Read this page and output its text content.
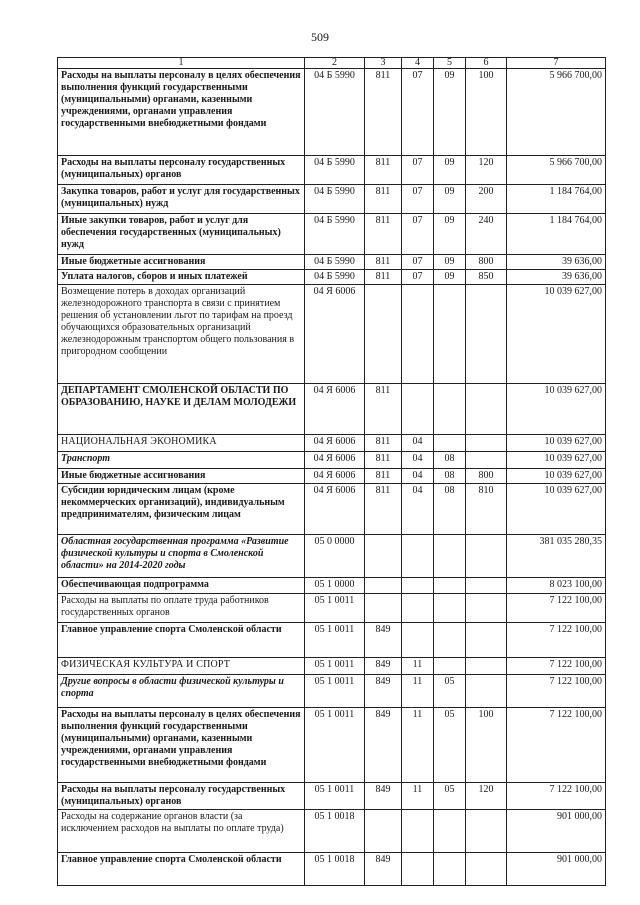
509
1	2	3	4	5	6	7
Расходы на выплаты персоналу в целях обеспечения выполнения функций государственными (муниципальными) органами, казенными учреждениями, органами управления государственными внебюджетными фондами	04 Б 5990	811	07	09	100	5 966 700,00
Расходы на выплаты персоналу государственных (муниципальных) органов	04 Б 5990	811	07	09	120	5 966 700,00
Закупка товаров, работ и услуг для государственных (муниципальных) нужд	04 Б 5990	811	07	09	200	1 184 764,00
Иные закупки товаров, работ и услуг для обеспечения государственных (муниципальных) нужд	04 Б 5990	811	07	09	240	1 184 764,00
Иные бюджетные ассигнования	04 Б 5990	811	07	09	800	39 636,00
Уплата налогов, сборов и иных платежей	04 Б 5990	811	07	09	850	39 636,00
Возмещение потерь в доходах организаций железнодорожного транспорта в связи с принятием решения об установлении льгот по тарифам на проезд обучающихся образовательных организаций железнодорожным транспортом общего пользования в пригородном сообщении	04 Я 6006					10 039 627,00
ДЕПАРТАМЕНТ СМОЛЕНСКОЙ ОБЛАСТИ ПО ОБРАЗОВАНИЮ, НАУКЕ И ДЕЛАМ МОЛОДЕЖИ	04 Я 6006	811				10 039 627,00
НАЦИОНАЛЬНАЯ ЭКОНОМИКА	04 Я 6006	811	04			10 039 627,00
Транспорт	04 Я 6006	811	04	08		10 039 627,00
Иные бюджетные ассигнования	04 Я 6006	811	04	08	800	10 039 627,00
Субсидии юридическим лицам (кроме некоммерческих организаций), индивидуальным предпринимателям, физическим лицам	04 Я 6006	811	04	08	810	10 039 627,00
Областная государственная программа «Развитие физической культуры и спорта в Смоленской области» на 2014-2020 годы	05 0 0000					381 035 280,35
Обеспечивающая подпрограмма	05 1 0000					8 023 100,00
Расходы на выплаты по оплате труда работников государственных органов	05 1 0011					7 122 100,00
Главное управление спорта Смоленской области	05 1 0011	849				7 122 100,00
ФИЗИЧЕСКАЯ КУЛЬТУРА И СПОРТ	05 1 0011	849	11			7 122 100,00
Другие вопросы в области физической культуры и спорта	05 1 0011	849	11	05		7 122 100,00
Расходы на выплаты персоналу в целях обеспечения выполнения функций государственными (муниципальными) органами, казенными учреждениями, органами управления государственными внебюджетными фондами	05 1 0011	849	11	05	100	7 122 100,00
Расходы на выплаты персоналу государственных (муниципальных) органов	05 1 0011	849	11	05	120	7 122 100,00
Расходы на содержание органов власти (за исключением расходов на выплаты по оплате труда)	05 1 0018					901 000,00
Главное управление спорта Смоленской области	05 1 0018	849				901 000,00
